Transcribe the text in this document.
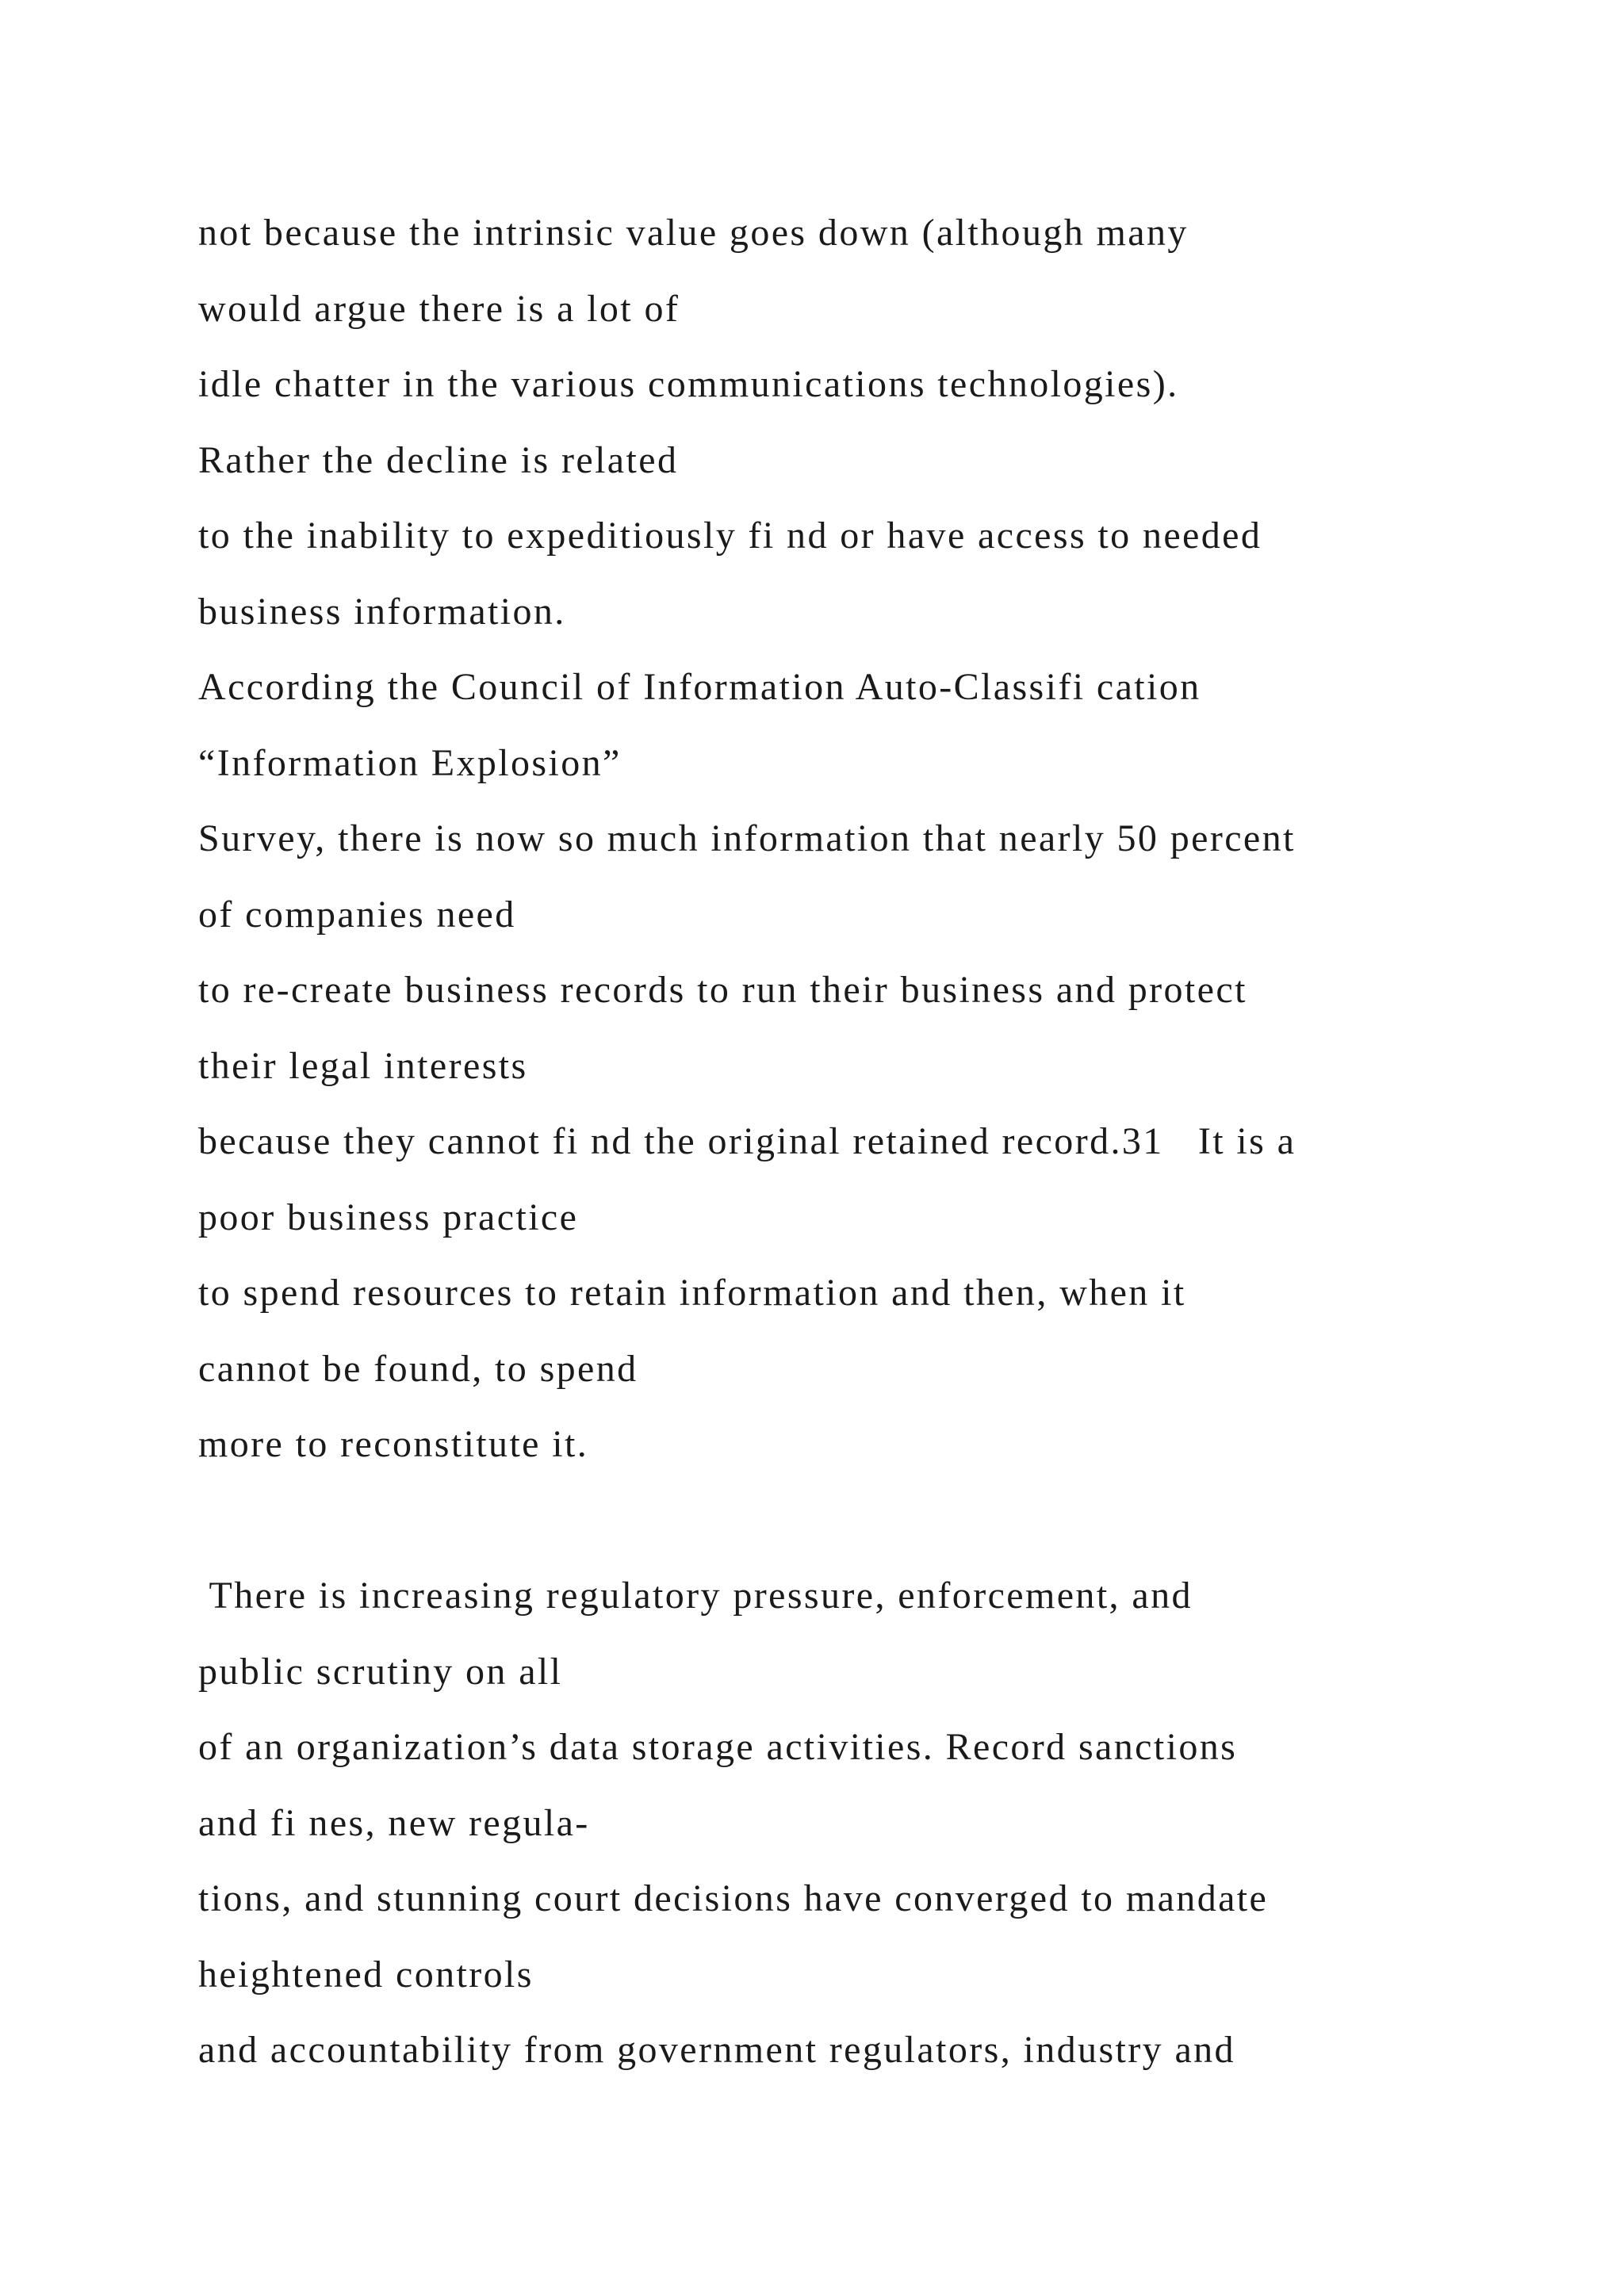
not because the intrinsic value goes down (although many
would argue there is a lot of
idle chatter in the various communications technologies).
Rather the decline is related
to the inability to expeditiously fi nd or have access to needed
business information.
According the Council of Information Auto-Classifi cation
“Information Explosion”
Survey, there is now so much information that nearly 50 percent
of companies need
to re-create business records to run their business and protect
their legal interests
because they cannot fi nd the original retained record.31   It is a
poor business practice
to spend resources to retain information and then, when it
cannot be found, to spend
more to reconstitute it.
There is increasing regulatory pressure, enforcement, and
public scrutiny on all
of an organization’s data storage activities. Record sanctions
and fi nes, new regula-
tions, and stunning court decisions have converged to mandate
heightened controls
and accountability from government regulators, industry and
